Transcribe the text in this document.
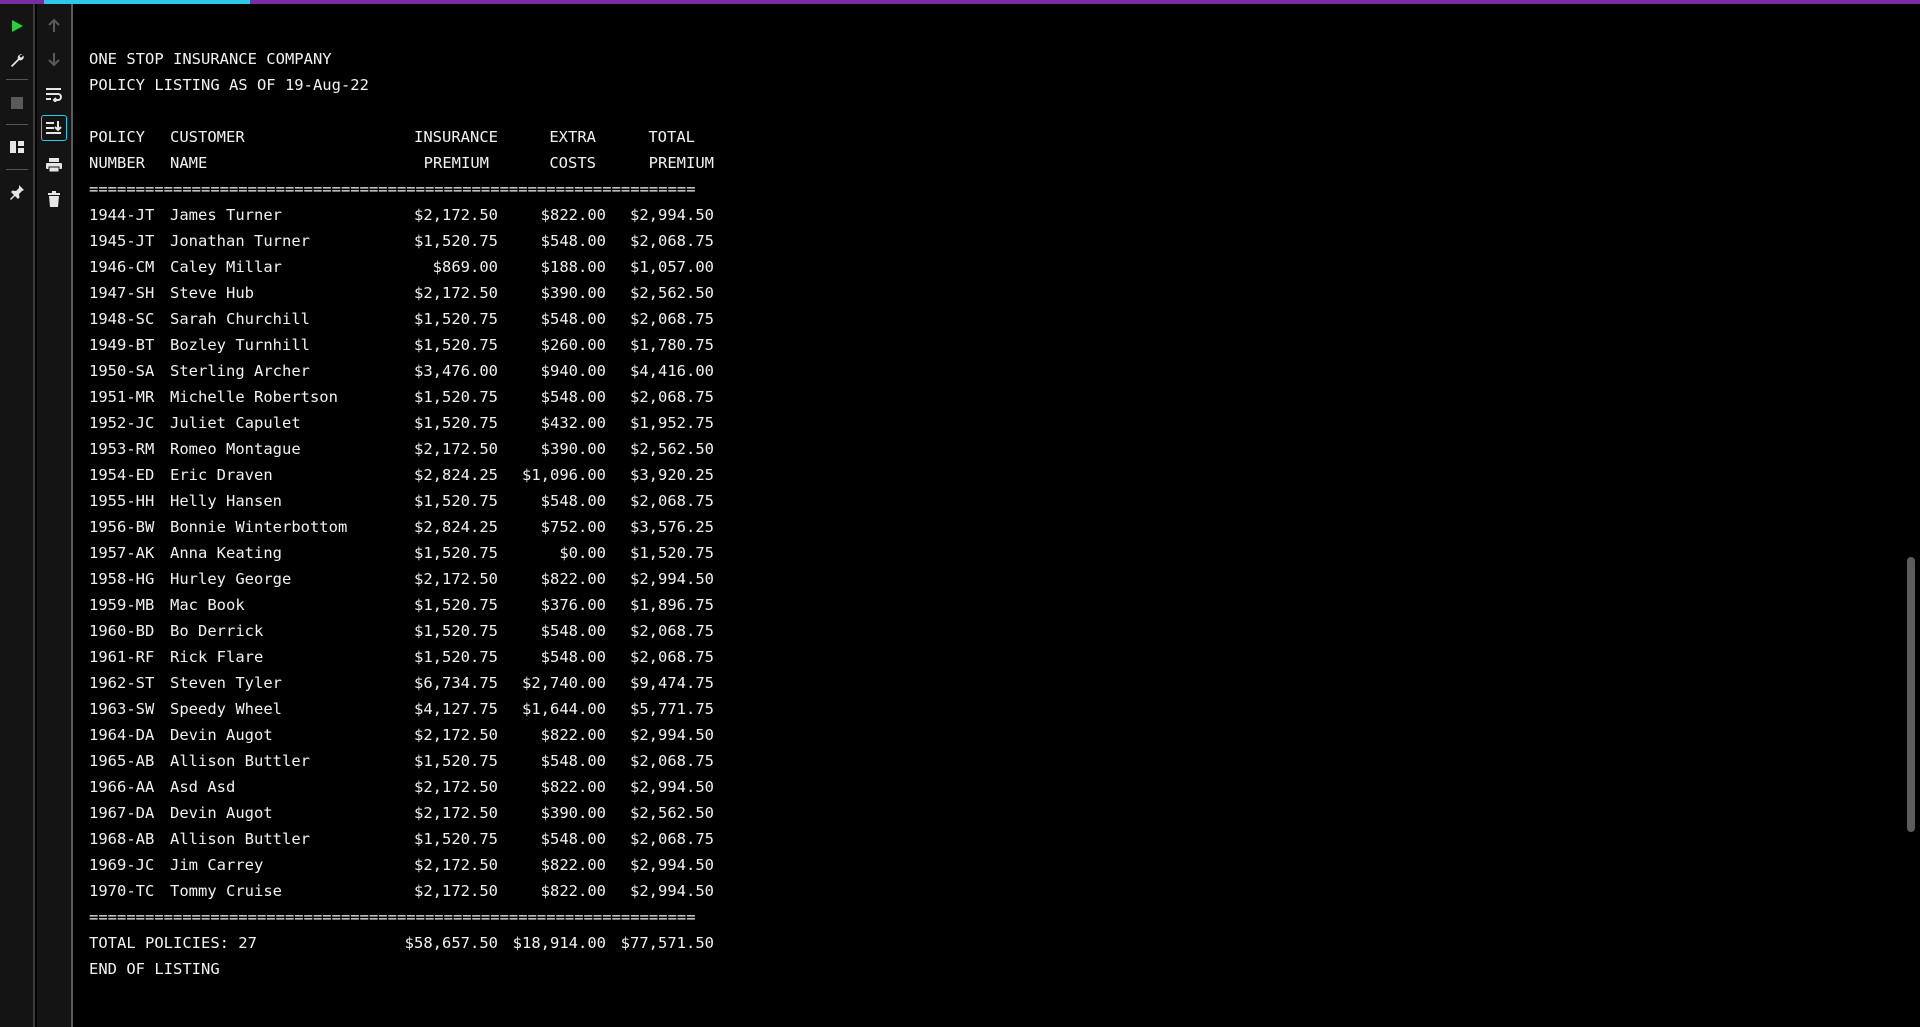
ONE STOP INSURANCE COMPANY
POLICY LISTING AS OF 19-Aug-22
POLICY	CUSTOMER	INSURANCE	EXTRA	TOTAL
NUMBER	NAME	PREMIUM	COSTS	PREMIUM
=================================================================
1944-JT	James Turner	$2,172.50	$822.00	$2,994.50
1945-JT	Jonathan Turner	$1,520.75	$548.00	$2,068.75
1946-CM	Caley Millar	$869.00	$188.00	$1,057.00
1947-SH	Steve Hub	$2,172.50	$390.00	$2,562.50
1948-SC	Sarah Churchill	$1,520.75	$548.00	$2,068.75
1949-BT	Bozley Turnhill	$1,520.75	$260.00	$1,780.75
1950-SA	Sterling Archer	$3,476.00	$940.00	$4,416.00
1951-MR	Michelle Robertson	$1,520.75	$548.00	$2,068.75
1952-JC	Juliet Capulet	$1,520.75	$432.00	$1,952.75
1953-RM	Romeo Montague	$2,172.50	$390.00	$2,562.50
1954-ED	Eric Draven	$2,824.25	$1,096.00	$3,920.25
1955-HH	Helly Hansen	$1,520.75	$548.00	$2,068.75
1956-BW	Bonnie Winterbottom	$2,824.25	$752.00	$3,576.25
1957-AK	Anna Keating	$1,520.75	$0.00	$1,520.75
1958-HG	Hurley George	$2,172.50	$822.00	$2,994.50
1959-MB	Mac Book	$1,520.75	$376.00	$1,896.75
1960-BD	Bo Derrick	$1,520.75	$548.00	$2,068.75
1961-RF	Rick Flare	$1,520.75	$548.00	$2,068.75
1962-ST	Steven Tyler	$6,734.75	$2,740.00	$9,474.75
1963-SW	Speedy Wheel	$4,127.75	$1,644.00	$5,771.75
1964-DA	Devin Augot	$2,172.50	$822.00	$2,994.50
1965-AB	Allison Buttler	$1,520.75	$548.00	$2,068.75
1966-AA	Asd Asd	$2,172.50	$822.00	$2,994.50
1967-DA	Devin Augot	$2,172.50	$390.00	$2,562.50
1968-AB	Allison Buttler	$1,520.75	$548.00	$2,068.75
1969-JC	Jim Carrey	$2,172.50	$822.00	$2,994.50
1970-TC	Tommy Cruise	$2,172.50	$822.00	$2,994.50
=================================================================
TOTAL POLICIES: 27	$58,657.50 $18,914.00 $77,571.50
END OF LISTING
